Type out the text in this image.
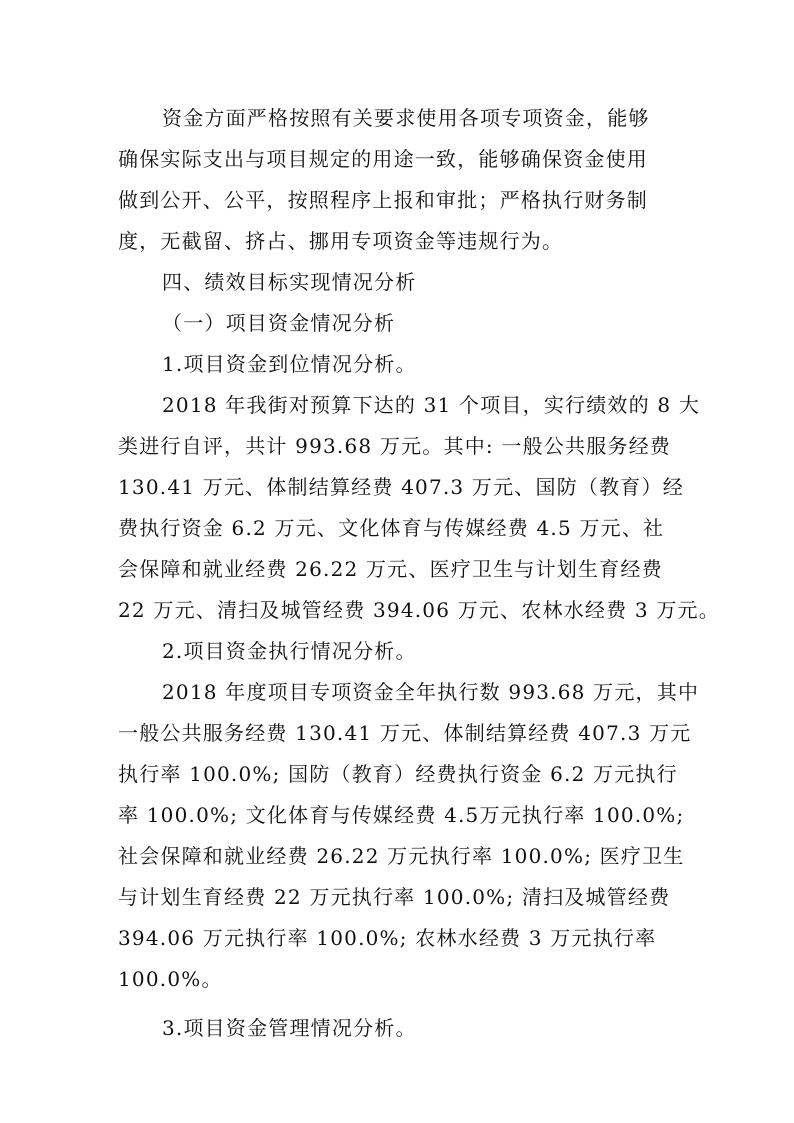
资金方面严格按照有关要求使用各项专项资金，能够
确保实际支出与项目规定的用途一致，能够确保资金使用
做到公开、公平，按照程序上报和审批；严格执行财务制
度，无截留、挤占、挪用专项资金等违规行为。
四、绩效目标实现情况分析
（一）项目资金情况分析
1.项目资金到位情况分析。
2018 年我街对预算下达的 31 个项目，实行绩效的 8 大
类进行自评，共计 993.68 万元。其中: 一般公共服务经费
130.41 万元、体制结算经费 407.3 万元、国防（教育）经
费执行资金 6.2 万元、文化体育与传媒经费 4.5 万元、社
会保障和就业经费 26.22 万元、医疗卫生与计划生育经费
22 万元、清扫及城管经费 394.06 万元、农林水经费 3 万元。
2.项目资金执行情况分析。
2018 年度项目专项资金全年执行数 993.68 万元，其中
一般公共服务经费 130.41 万元、体制结算经费 407.3 万元
执行率 100.0%; 国防（教育）经费执行资金 6.2 万元执行
率 100.0%; 文化体育与传媒经费 4.5万元执行率 100.0%;
社会保障和就业经费 26.22 万元执行率 100.0%; 医疗卫生
与计划生育经费 22 万元执行率 100.0%; 清扫及城管经费
394.06 万元执行率 100.0%; 农林水经费 3 万元执行率
100.0%。
3.项目资金管理情况分析。
